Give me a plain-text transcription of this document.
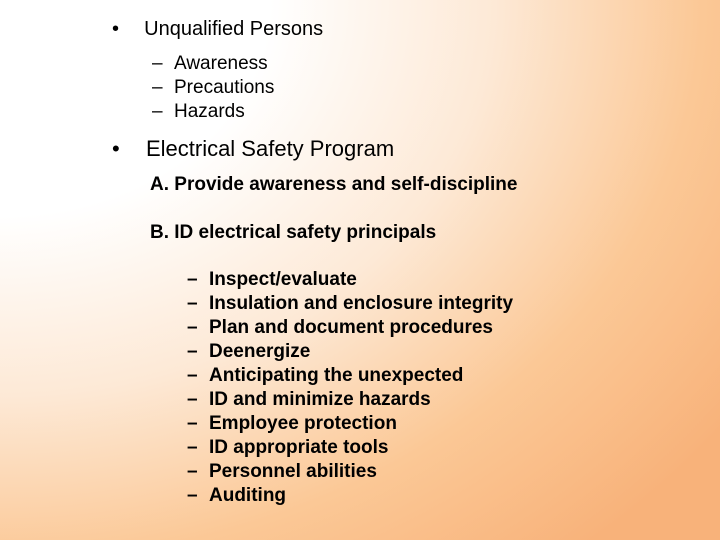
• Unqualified Persons
– Awareness
– Precautions
– Hazards
• Electrical Safety Program
A. Provide awareness and self-discipline
B. ID electrical safety principals
– Inspect/evaluate
– Insulation and enclosure integrity
– Plan and document procedures
– Deenergize
– Anticipating the unexpected
– ID and minimize hazards
– Employee protection
– ID appropriate tools
– Personnel abilities
– Auditing
